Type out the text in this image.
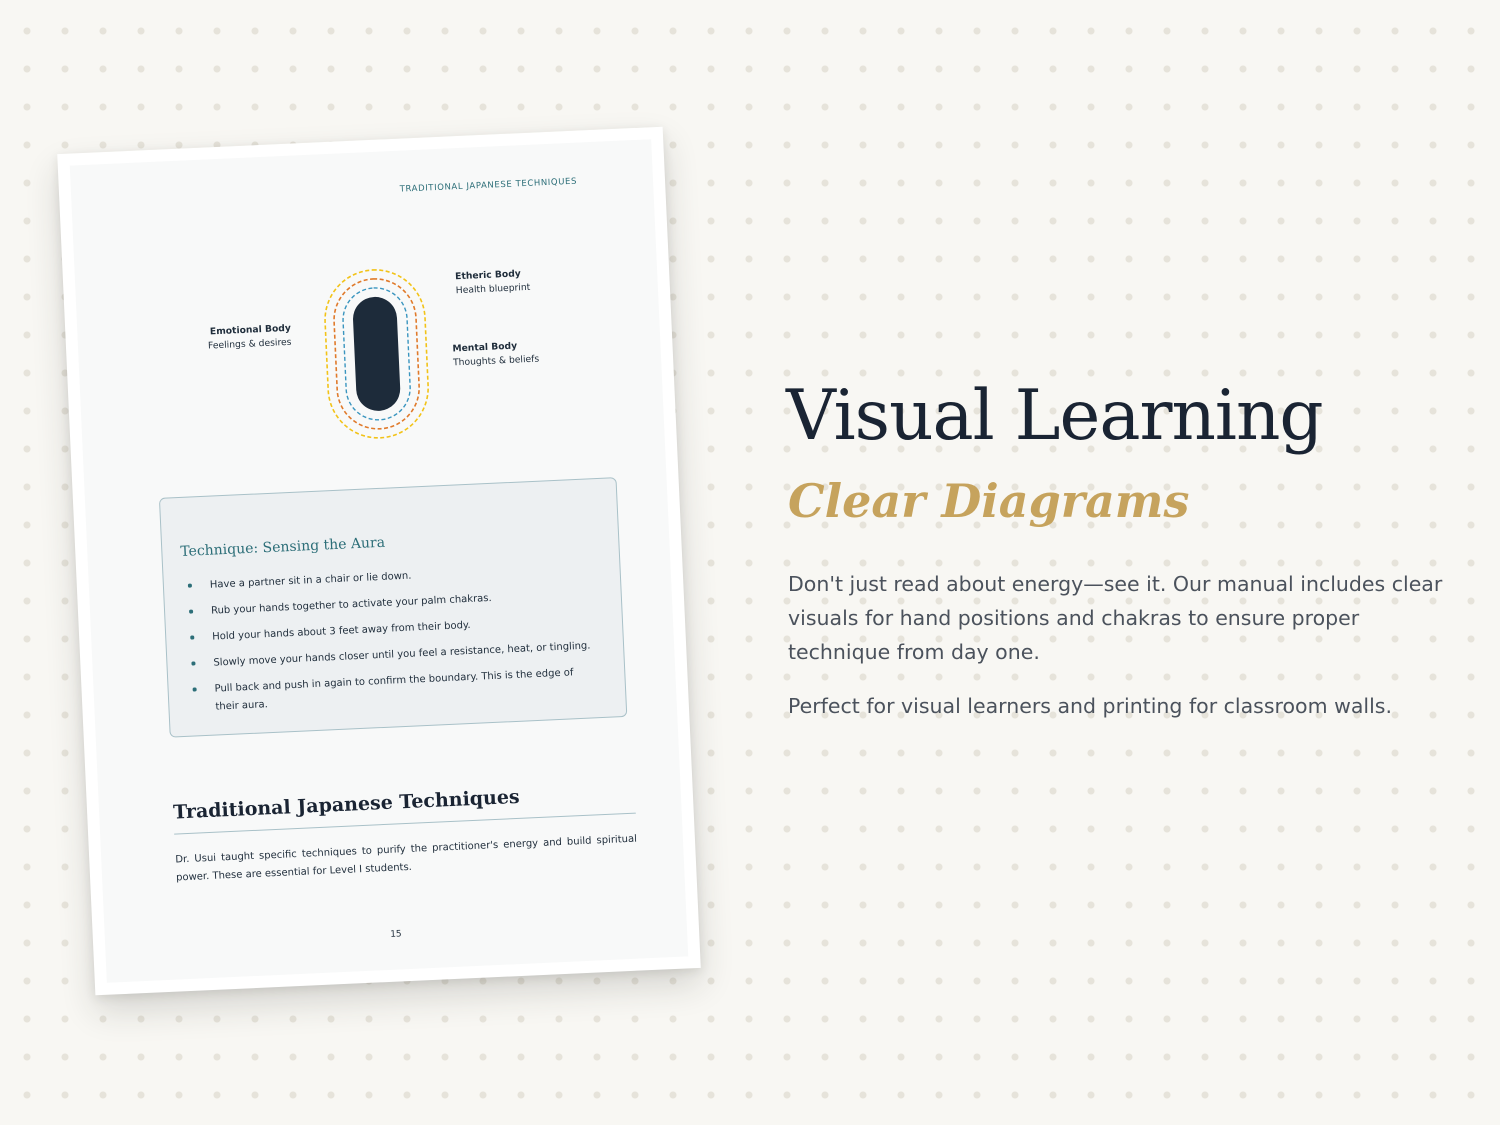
TRADITIONAL JAPANESE TECHNIQUES
Etheric Body
Health blueprint
Emotional Body
Feelings & desires	Mental Body
Thoughts & beliefs
Technique: Sensing the Aura
Have a partner sit in a chair or lie down.
Rub your hands together to activate your palm chakras.
Hold your hands about 3 feet away from their body.
Slowly move your hands closer until you feel a resistance, heat, or tingling.
Pull back and push in again to confirm the boundary. This is the edge of their aura.
Traditional Japanese Techniques
Dr. Usui taught specific techniques to purify the practitioner's energy and build spiritual power. These are essential for Level I students.
15
Visual Learning
Clear Diagrams

Don't just read about energy—see it. Our manual includes clear visuals for hand positions and chakras to ensure proper technique from day one.

Perfect for visual learners and printing for classroom walls.
